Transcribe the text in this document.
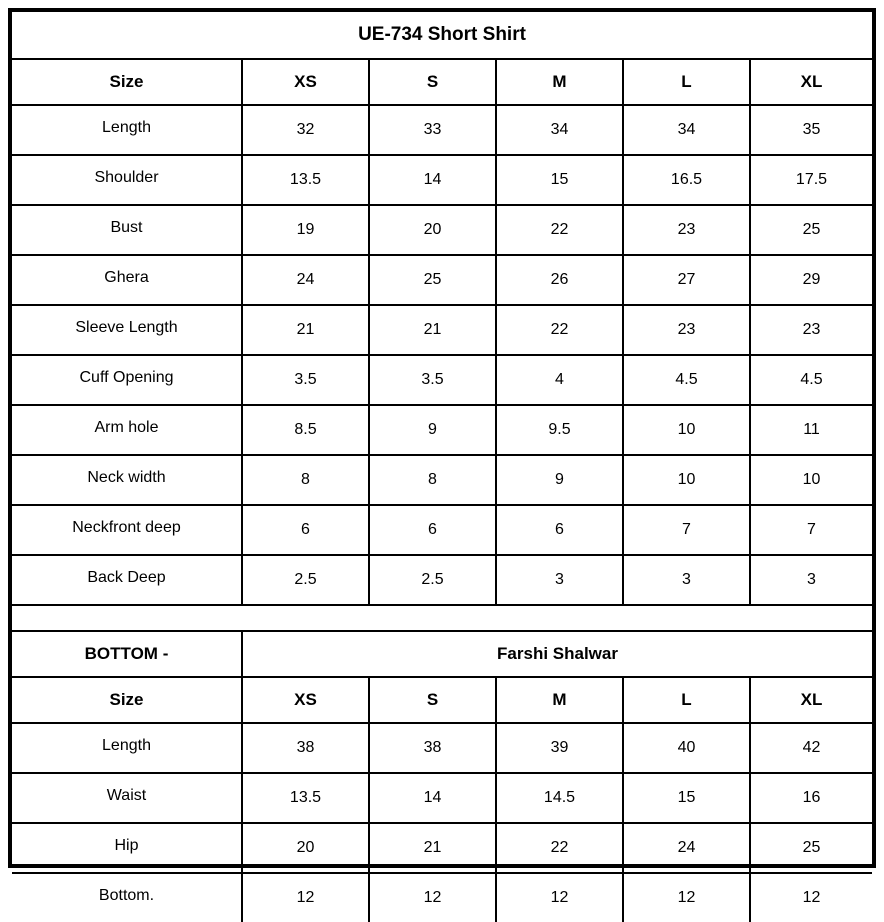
UE-734 Short Shirt					
Size	XS	S	M	L	XL
Length	32	33	34	34	35
Shoulder	13.5	14	15	16.5	17.5
Bust	19	20	22	23	25
Ghera	24	25	26	27	29
Sleeve Length	21	21	22	23	23
Cuff Opening	3.5	3.5	4	4.5	4.5
Arm hole	8.5	9	9.5	10	11
Neck width	8	8	9	10	10
Neckfront deep	6	6	6	7	7
Back Deep	2.5	2.5	3	3	3

BOTTOM -	Farshi Shalwar				
Size	XS	S	M	L	XL
Length	38	38	39	40	42
Waist	13.5	14	14.5	15	16
Hip	20	21	22	24	25
Bottom.	12	12	12	12	12
